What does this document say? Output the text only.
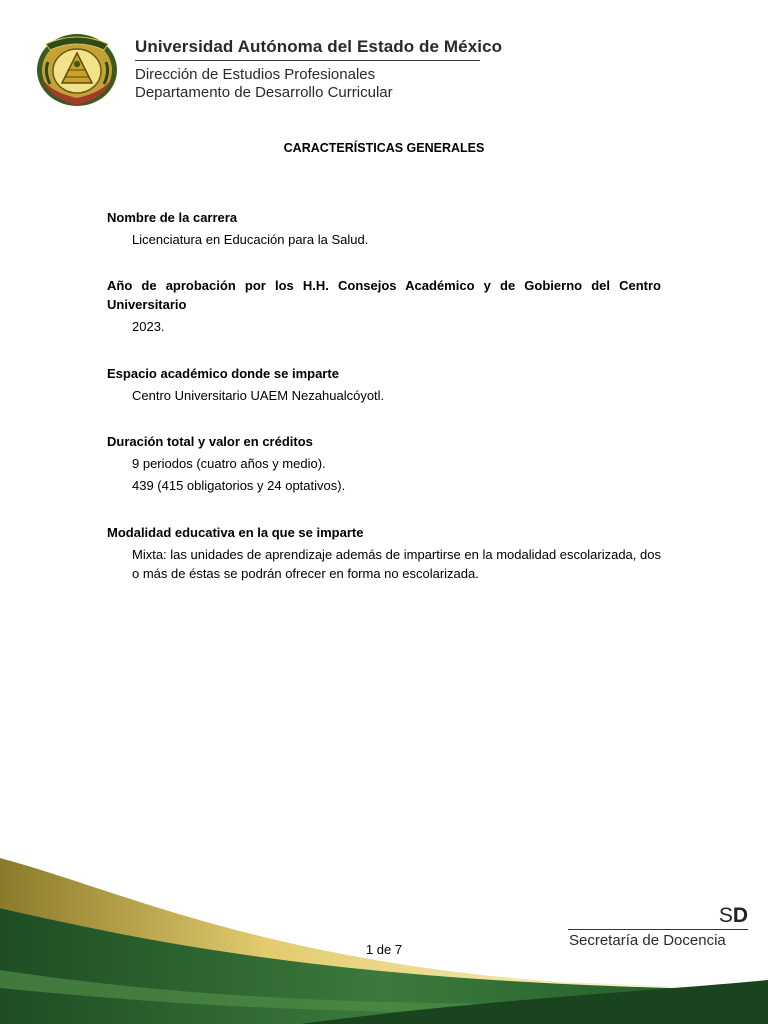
Universidad Autónoma del Estado de México
Dirección de Estudios Profesionales
Departamento de Desarrollo Curricular
CARACTERÍSTICAS GENERALES
Nombre de la carrera
Licenciatura en Educación para la Salud.
Año de aprobación por los H.H. Consejos Académico y de Gobierno del Centro Universitario
2023.
Espacio académico donde se imparte
Centro Universitario UAEM Nezahualcóyotl.
Duración total y valor en créditos
9 periodos (cuatro años y medio).
439 (415 obligatorios y 24 optativos).
Modalidad educativa en la que se imparte
Mixta: las unidades de aprendizaje además de impartirse en la modalidad escolarizada, dos o más de éstas se podrán ofrecer en forma no escolarizada.
1 de 7
SD
Secretaría de Docencia
